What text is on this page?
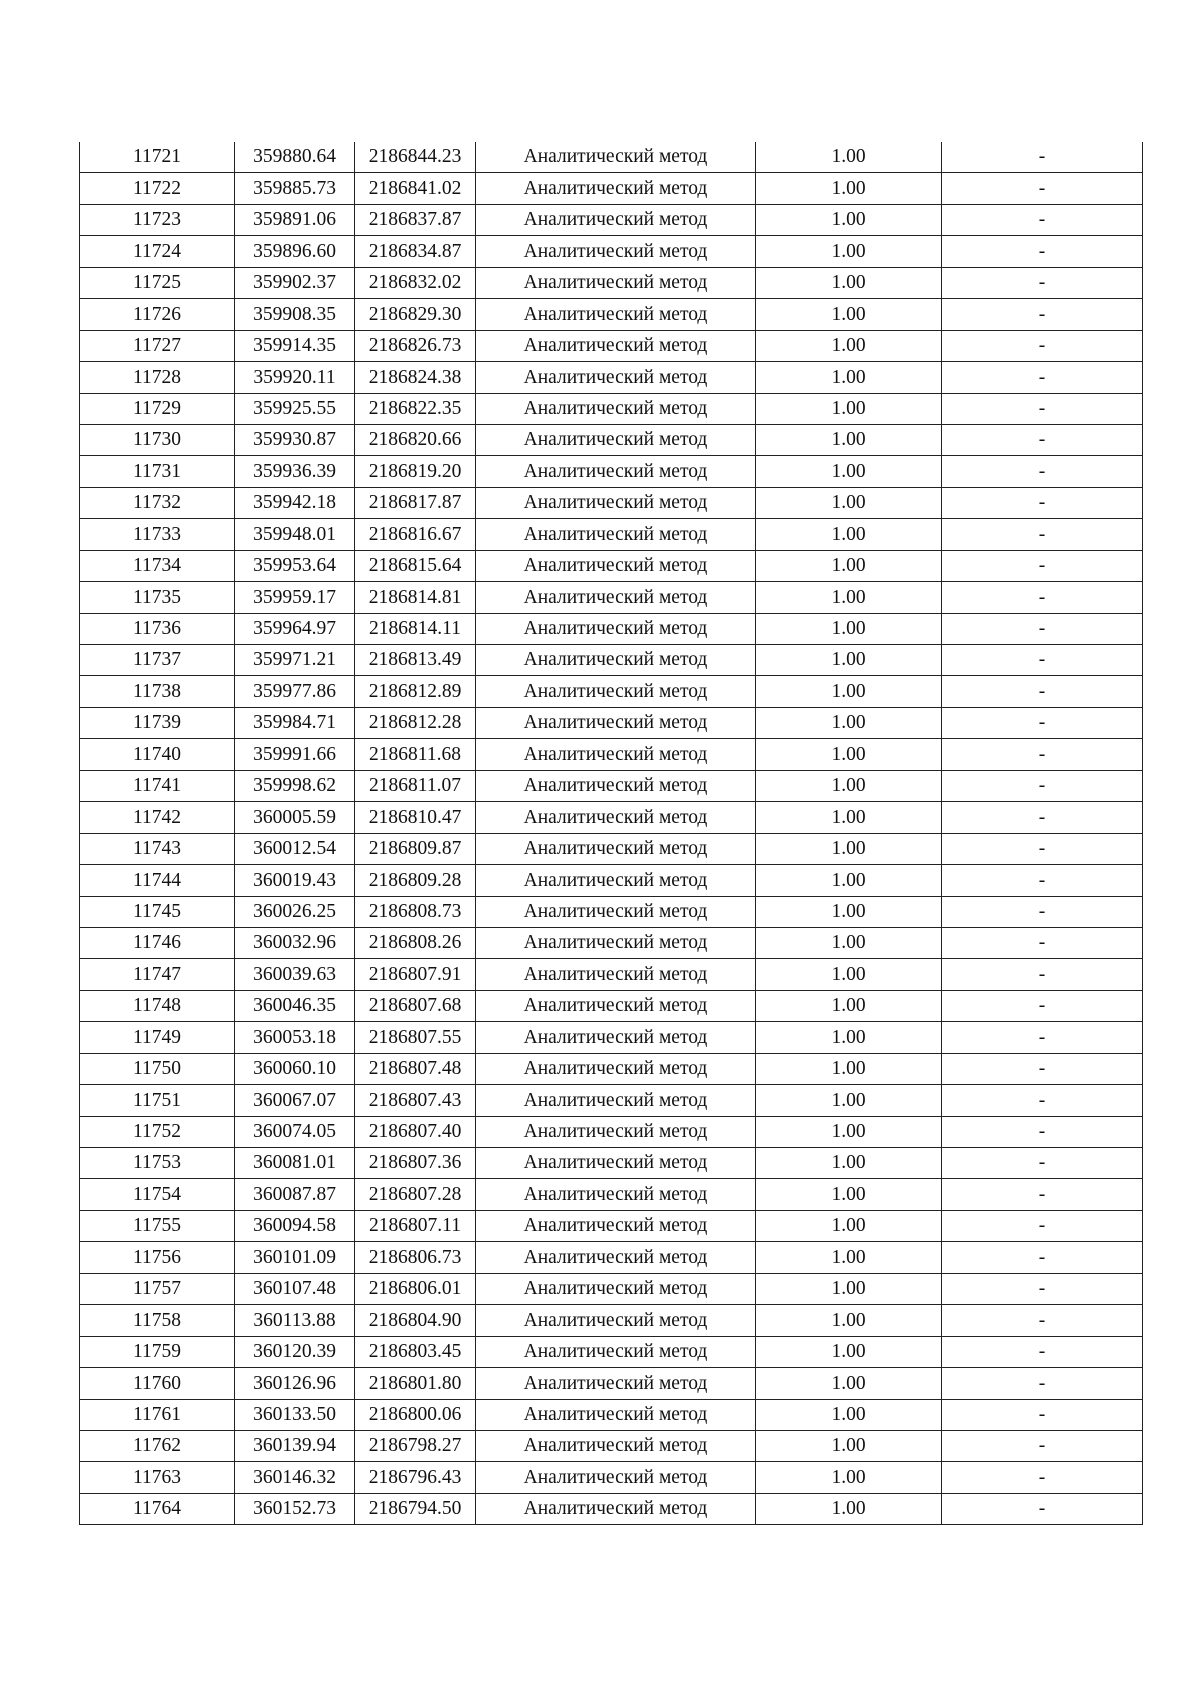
11721	359880.64	2186844.23	Аналитический метод	1.00	-
11722	359885.73	2186841.02	Аналитический метод	1.00	-
11723	359891.06	2186837.87	Аналитический метод	1.00	-
11724	359896.60	2186834.87	Аналитический метод	1.00	-
11725	359902.37	2186832.02	Аналитический метод	1.00	-
11726	359908.35	2186829.30	Аналитический метод	1.00	-
11727	359914.35	2186826.73	Аналитический метод	1.00	-
11728	359920.11	2186824.38	Аналитический метод	1.00	-
11729	359925.55	2186822.35	Аналитический метод	1.00	-
11730	359930.87	2186820.66	Аналитический метод	1.00	-
11731	359936.39	2186819.20	Аналитический метод	1.00	-
11732	359942.18	2186817.87	Аналитический метод	1.00	-
11733	359948.01	2186816.67	Аналитический метод	1.00	-
11734	359953.64	2186815.64	Аналитический метод	1.00	-
11735	359959.17	2186814.81	Аналитический метод	1.00	-
11736	359964.97	2186814.11	Аналитический метод	1.00	-
11737	359971.21	2186813.49	Аналитический метод	1.00	-
11738	359977.86	2186812.89	Аналитический метод	1.00	-
11739	359984.71	2186812.28	Аналитический метод	1.00	-
11740	359991.66	2186811.68	Аналитический метод	1.00	-
11741	359998.62	2186811.07	Аналитический метод	1.00	-
11742	360005.59	2186810.47	Аналитический метод	1.00	-
11743	360012.54	2186809.87	Аналитический метод	1.00	-
11744	360019.43	2186809.28	Аналитический метод	1.00	-
11745	360026.25	2186808.73	Аналитический метод	1.00	-
11746	360032.96	2186808.26	Аналитический метод	1.00	-
11747	360039.63	2186807.91	Аналитический метод	1.00	-
11748	360046.35	2186807.68	Аналитический метод	1.00	-
11749	360053.18	2186807.55	Аналитический метод	1.00	-
11750	360060.10	2186807.48	Аналитический метод	1.00	-
11751	360067.07	2186807.43	Аналитический метод	1.00	-
11752	360074.05	2186807.40	Аналитический метод	1.00	-
11753	360081.01	2186807.36	Аналитический метод	1.00	-
11754	360087.87	2186807.28	Аналитический метод	1.00	-
11755	360094.58	2186807.11	Аналитический метод	1.00	-
11756	360101.09	2186806.73	Аналитический метод	1.00	-
11757	360107.48	2186806.01	Аналитический метод	1.00	-
11758	360113.88	2186804.90	Аналитический метод	1.00	-
11759	360120.39	2186803.45	Аналитический метод	1.00	-
11760	360126.96	2186801.80	Аналитический метод	1.00	-
11761	360133.50	2186800.06	Аналитический метод	1.00	-
11762	360139.94	2186798.27	Аналитический метод	1.00	-
11763	360146.32	2186796.43	Аналитический метод	1.00	-
11764	360152.73	2186794.50	Аналитический метод	1.00	-
